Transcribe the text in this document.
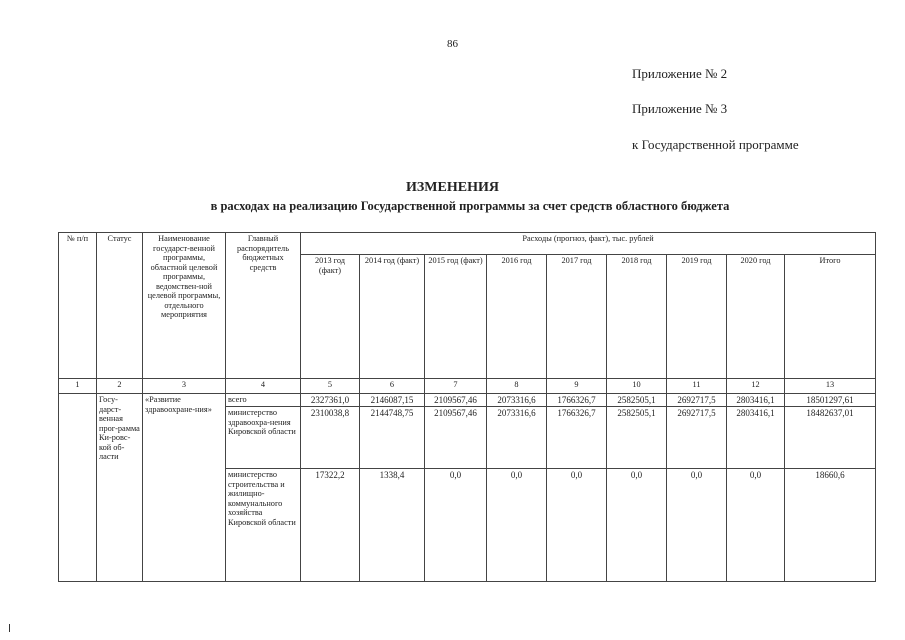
86
Приложение № 2
Приложение № 3
к Государственной программе
ИЗМЕНЕНИЯ
в расходах на реализацию Государственной программы за счет средств областного бюджета
№ п/п	Статус	Наименование государст-венной программы, областной целевой программы, ведомствен-ной целевой программы, отдельного мероприятия	Главный распорядитель бюджетных средств	Расходы (прогноз, факт), тыс. рублей								
				2013 год (факт)	2014 год (факт)	2015 год (факт)	2016 год	2017 год	2018 год	2019 год	2020 год	Итого
1	2	3	4	5	6	7	8	9	10	11	12	13
	Госу-дарст-венная прог-рамма Ки-ровс-кой об-ласти	«Развитие здравоохране-ния»	всего	2327361,0	2146087,15	2109567,46	2073316,6	1766326,7	2582505,1	2692717,5	2803416,1	18501297,61
			министерство здравоохра-нения Кировской области	2310038,8	2144748,75	2109567,46	2073316,6	1766326,7	2582505,1	2692717,5	2803416,1	18482637,01
			министерство строительства и жилищно-коммунального хозяйства Кировской области	17322,2	1338,4	0,0	0,0	0,0	0,0	0,0	0,0	18660,6
